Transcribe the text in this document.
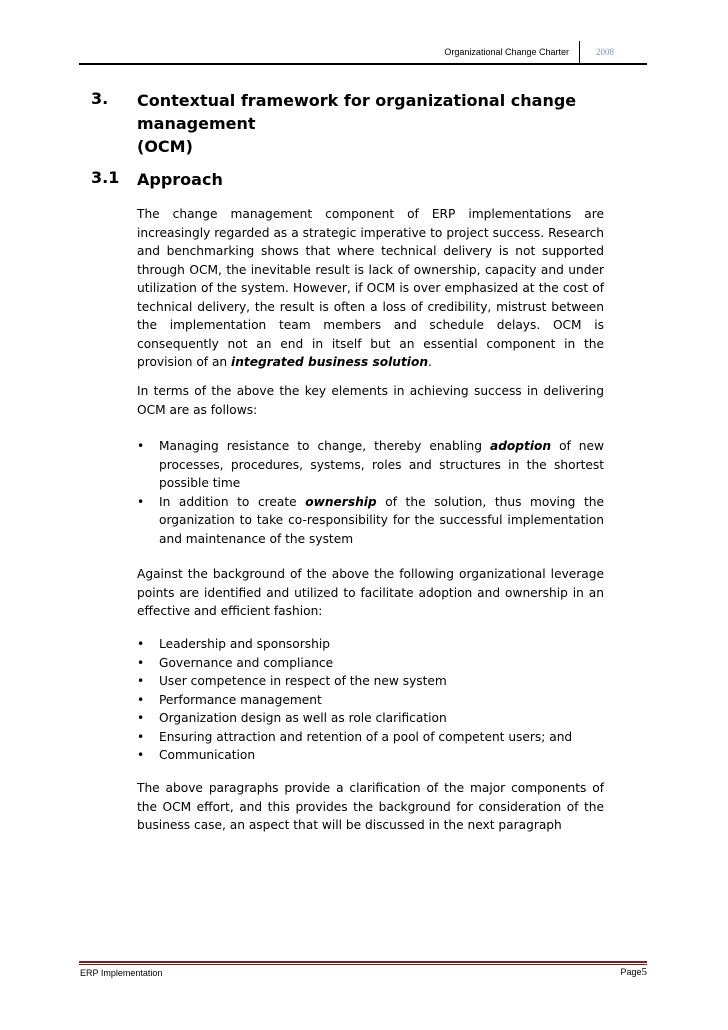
Organizational Change Charter	2008
3. Contextual framework for organizational change management
(OCM)
3.1 Approach
The change management component of ERP implementations are increasingly regarded as a strategic imperative to project success. Research and benchmarking shows that where technical delivery is not supported through OCM, the inevitable result is lack of ownership, capacity and under utilization of the system. However, if OCM is over emphasized at the cost of technical delivery, the result is often a loss of credibility, mistrust between the implementation team members and schedule delays. OCM is consequently not an end in itself but an essential component in the provision of an integrated business solution.
In terms of the above the key elements in achieving success in delivering OCM are as follows:
• Managing resistance to change, thereby enabling adoption of new processes, procedures, systems, roles and structures in the shortest possible time
• In addition to create ownership of the solution, thus moving the organization to take co-responsibility for the successful implementation and maintenance of the system
Against the background of the above the following organizational leverage points are identified and utilized to facilitate adoption and ownership in an effective and efficient fashion:
• Leadership and sponsorship
• Governance and compliance
• User competence in respect of the new system
• Performance management
• Organization design as well as role clarification
• Ensuring attraction and retention of a pool of competent users; and
• Communication
The above paragraphs provide a clarification of the major components of the OCM effort, and this provides the background for consideration of the business case, an aspect that will be discussed in the next paragraph
ERP Implementation	Page5
